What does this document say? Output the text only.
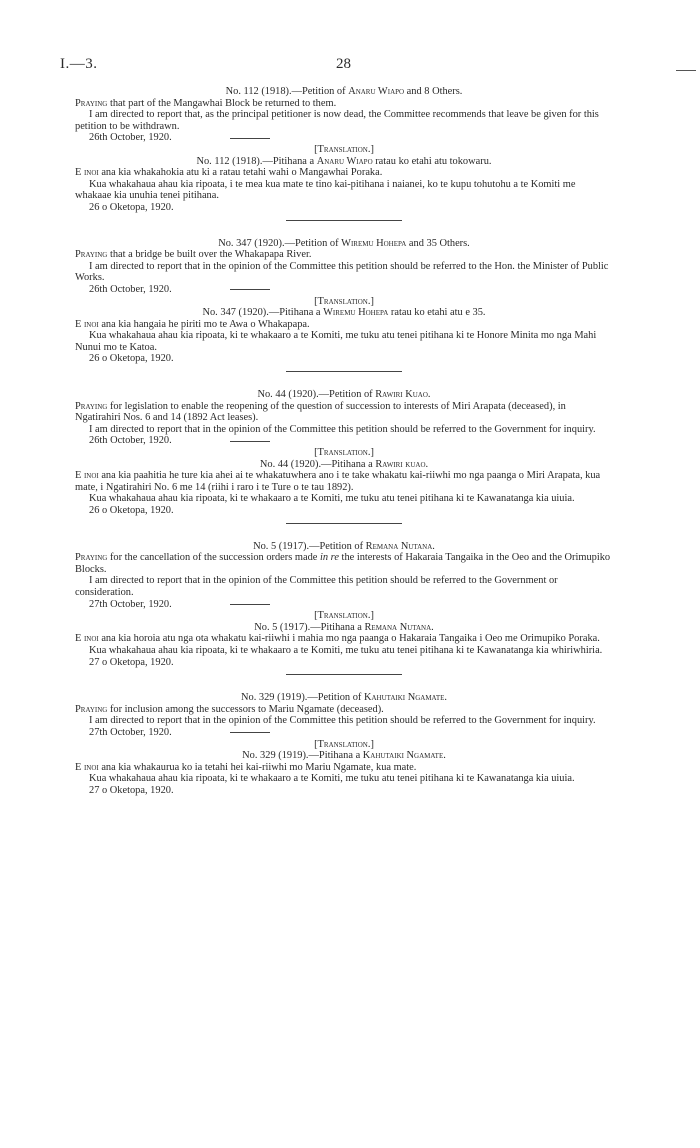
I.—3.	28

No. 112 (1918).—Petition of Anaru Wiapo and 8 Others.

Praying that part of the Mangawhai Block be returned to them.

I am directed to report that, as the principal petitioner is now dead, the Committee recommends that leave be given for this petition to be withdrawn.

26th October, 1920.

[Translation.]

No. 112 (1918).—Pitihana a Anaru Wiapo ratau ko etahi atu tokowaru.

E inoi ana kia whakahokia atu ki a ratau tetahi wahi o Mangawhai Poraka.

Kua whakahaua ahau kia ripoata, i te mea kua mate te tino kai-pitihana i naianei, ko te kupu tohutohu a te Komiti me whakaae kia unuhia tenei pitihana.

26 o Oketopa, 1920.

No. 347 (1920).—Petition of Wiremu Hohepa and 35 Others.

Praying that a bridge be built over the Whakapapa River.

I am directed to report that in the opinion of the Committee this petition should be referred to the Hon. the Minister of Public Works.

26th October, 1920.

[Translation.]

No. 347 (1920).—Pitihana a Wiremu Hohepa ratau ko etahi atu e 35.

E inoi ana kia hangaia he piriti mo te Awa o Whakapapa.

Kua whakahaua ahau kia ripoata, ki te whakaaro a te Komiti, me tuku atu tenei pitihana ki te Honore Minita mo nga Mahi Nunui mo te Katoa.

26 o Oketopa, 1920.

No. 44 (1920).—Petition of Rawiri Kuao.

Praying for legislation to enable the reopening of the question of succession to interests of Miri Arapata (deceased), in Ngatirahiri Nos. 6 and 14 (1892 Act leases).

I am directed to report that in the opinion of the Committee this petition should be referred to the Government for inquiry.

26th October, 1920.

[Translation.]

No. 44 (1920).—Pitihana a Rawiri kuao.

E inoi ana kia paahitia he ture kia ahei ai te whakatuwhera ano i te take whakatu kai-riiwhi mo nga paanga o Miri Arapata, kua mate, i Ngatirahiri No. 6 me 14 (riihi i raro i te Ture o te tau 1892).

Kua whakahaua ahau kia ripoata, ki te whakaaro a te Komiti, me tuku atu tenei pitihana ki te Kawanatanga kia uiuia.

26 o Oketopa, 1920.

No. 5 (1917).—Petition of Remana Nutana.

Praying for the cancellation of the succession orders made in re the interests of Hakaraia Tangaika in the Oeo and the Orimupiko Blocks.

I am directed to report that in the opinion of the Committee this petition should be referred to the Government or consideration.

27th October, 1920.

[Translation.]

No. 5 (1917).—Pitihana a Remana Nutana.

E inoi ana kia horoia atu nga ota whakatu kai-riiwhi i mahia mo nga paanga o Hakaraia Tangaika i Oeo me Orimupiko Poraka.

Kua whakahaua ahau kia ripoata, ki te whakaaro a te Komiti, me tuku atu tenei pitihana ki te Kawanatanga kia whiriwhiria.

27 o Oketopa, 1920.

No. 329 (1919).—Petition of Kahutaiki Ngamate.

Praying for inclusion among the successors to Mariu Ngamate (deceased).

I am directed to report that in the opinion of the Committee this petition should be referred to the Government for inquiry.

27th October, 1920.

[Translation.]

No. 329 (1919).—Pitihana a Kahutaiki Ngamate.

E inoi ana kia whakaurua ko ia tetahi hei kai-riiwhi mo Mariu Ngamate, kua mate.

Kua whakahaua ahau kia ripoata, ki te whakaaro a te Komiti, me tuku atu tenei pitihana ki te Kawanatanga kia uiuia.

27 o Oketopa, 1920.
